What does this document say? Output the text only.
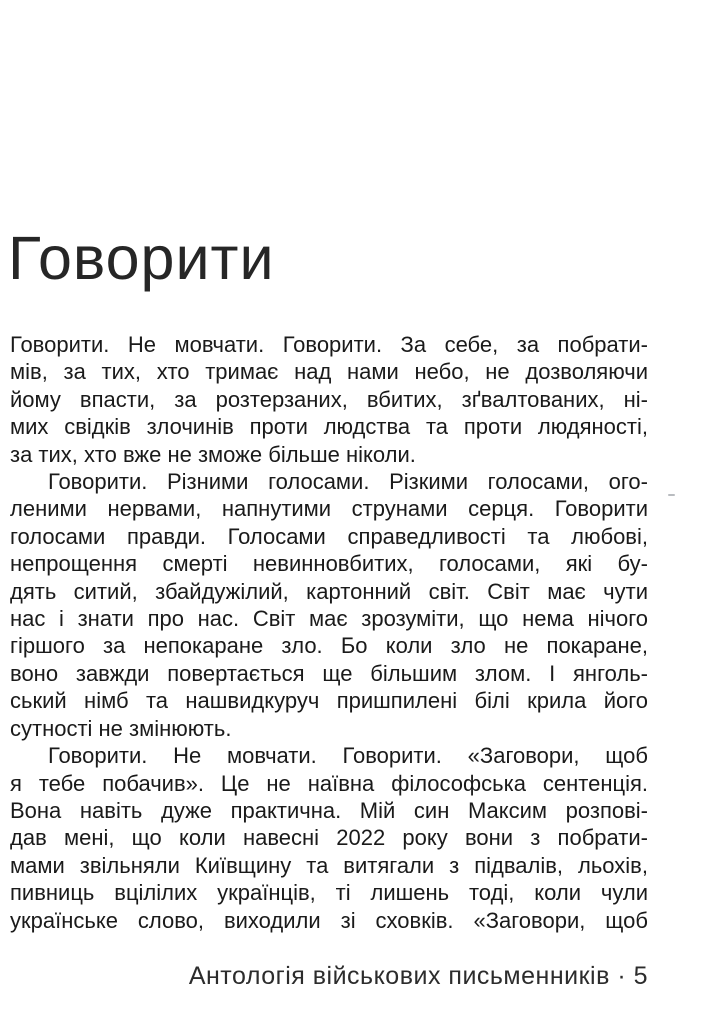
Говорити
Говорити. Не мовчати. Говорити. За себе, за побрати-
мів, за тих, хто тримає над нами небо, не дозволяючи
йому впасти, за розтерзаних, вбитих, зґвалтованих, ні-
мих свідків злочинів проти людства та проти людяності,
за тих, хто вже не зможе більше ніколи.
Говорити. Різними голосами. Різкими голосами, ого-
леними нервами, напнутими струнами серця. Говорити
голосами правди. Голосами справедливості та любові,
непрощення смерті невинновбитих, голосами, які бу-
дять ситий, збайдужілий, картонний світ. Світ має чути
нас і знати про нас. Світ має зрозуміти, що нема нічого
гіршого за непокаране зло. Бо коли зло не покаране,
воно завжди повертається ще більшим злом. І янголь-
ський німб та нашвидкуруч пришпилені білі крила його
сутності не змінюють.
Говорити. Не мовчати. Говорити. «Заговори, щоб
я тебе побачив». Це не наївна філософська сентенція.
Вона навіть дуже практична. Мій син Максим розпові-
дав мені, що коли навесні 2022 року вони з побрати-
мами звільняли Київщину та витягали з підвалів, льохів,
пивниць вцілілих українців, ті лишень тоді, коли чули
українське слово, виходили зі сховків. «Заговори, щоб
Антологія військових письменників · 5
